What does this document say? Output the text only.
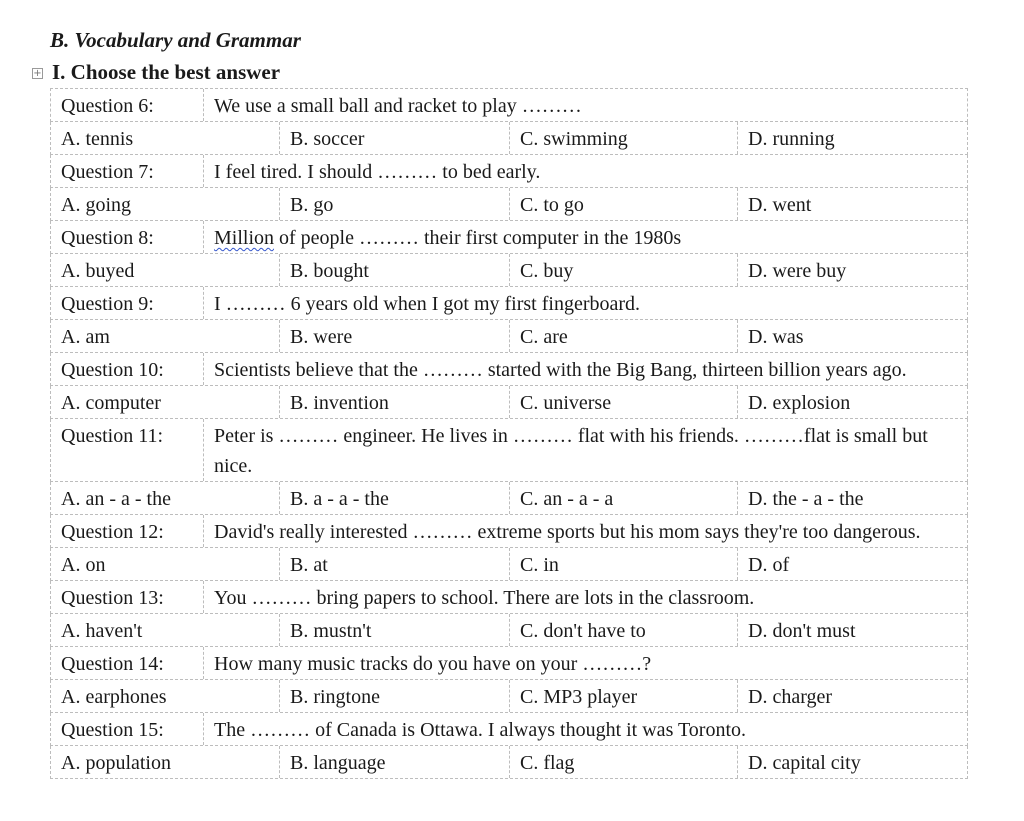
B. Vocabulary and Grammar
+ I. Choose the best answer
Question 6:	We use a small ball and racket to play ………
A. tennis	B. soccer	C. swimming	D. running
Question 7:	I feel tired. I should ……… to bed early.
A. going	B. go	C. to go	D. went
Question 8:	Million of people ……… their first computer in the 1980s
A. buyed	B. bought	C. buy	D. were buy
Question 9:	I ……… 6 years old when I got my first fingerboard.
A. am	B. were	C. are	D. was
Question 10:	Scientists believe that the ……… started with the Big Bang, thirteen billion years ago.
A. computer	B. invention	C. universe	D. explosion
Question 11:	Peter is ……… engineer. He lives in ……… flat with his friends. ………flat is small but nice.
A. an - a - the	B. a - a - the	C. an - a - a	D. the - a - the
Question 12:	David's really interested ……… extreme sports but his mom says they're too dangerous.
A. on	B. at	C. in	D. of
Question 13:	You ……… bring papers to school. There are lots in the classroom.
A. haven't	B. mustn't	C. don't have to	D. don't must
Question 14:	How many music tracks do you have on your ………?
A. earphones	B. ringtone	C. MP3 player	D. charger
Question 15:	The ……… of Canada is Ottawa. I always thought it was Toronto.
A. population	B. language	C. flag	D. capital city
